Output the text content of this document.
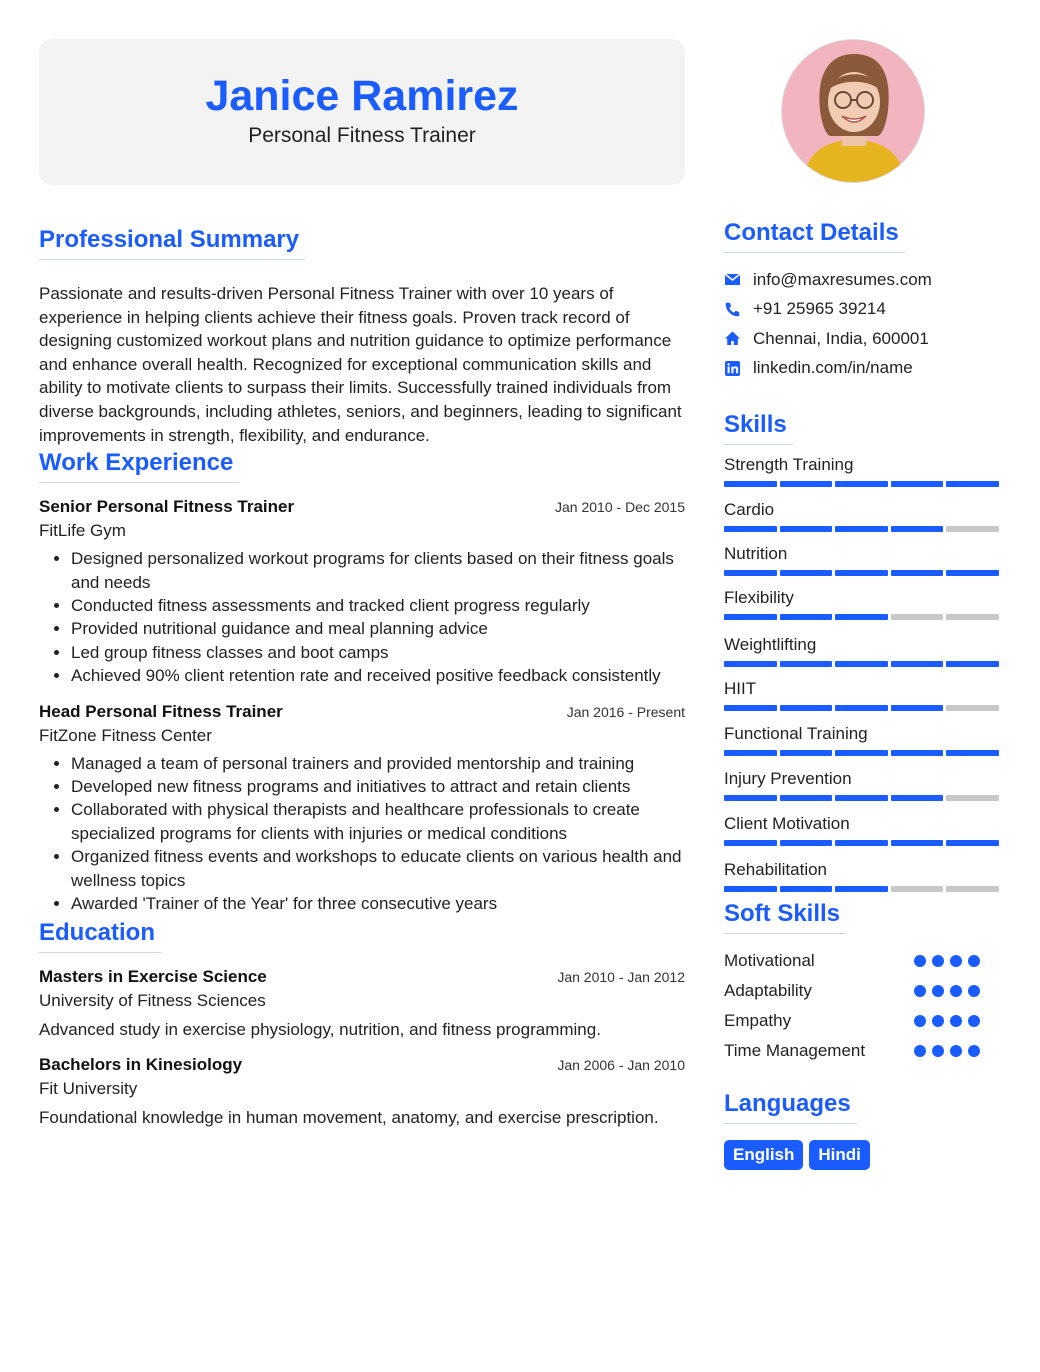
Janice Ramirez
Personal Fitness Trainer
Professional Summary

Passionate and results-driven Personal Fitness Trainer with over 10 years of experience in helping clients achieve their fitness goals. Proven track record of designing customized workout plans and nutrition guidance to optimize performance and enhance overall health. Recognized for exceptional communication skills and ability to motivate clients to surpass their limits. Successfully trained individuals from diverse backgrounds, including athletes, seniors, and beginners, leading to significant improvements in strength, flexibility, and endurance.

Work Experience
Senior Personal Fitness Trainer	Jan 2010 - Dec 2015
FitLife Gym
• Designed personalized workout programs for clients based on their fitness goals and needs
• Conducted fitness assessments and tracked client progress regularly
• Provided nutritional guidance and meal planning advice
• Led group fitness classes and boot camps
• Achieved 90% client retention rate and received positive feedback consistently
Head Personal Fitness Trainer	Jan 2016 - Present
FitZone Fitness Center
• Managed a team of personal trainers and provided mentorship and training
• Developed new fitness programs and initiatives to attract and retain clients
• Collaborated with physical therapists and healthcare professionals to create specialized programs for clients with injuries or medical conditions
• Organized fitness events and workshops to educate clients on various health and wellness topics
• Awarded 'Trainer of the Year' for three consecutive years
Education
Masters in Exercise Science	Jan 2010 - Jan 2012
University of Fitness Sciences
Advanced study in exercise physiology, nutrition, and fitness programming.
Bachelors in Kinesiology	Jan 2006 - Jan 2010
Fit University
Foundational knowledge in human movement, anatomy, and exercise prescription.
Contact Details
info@maxresumes.com
+91 25965 39214
Chennai, India, 600001
linkedin.com/in/name
Skills
Strength Training
Cardio
Nutrition
Flexibility
Weightlifting
HIIT
Functional Training
Injury Prevention
Client Motivation
Rehabilitation
Soft Skills
Motivational
Adaptability
Empathy
Time Management
Languages
English	Hindi
